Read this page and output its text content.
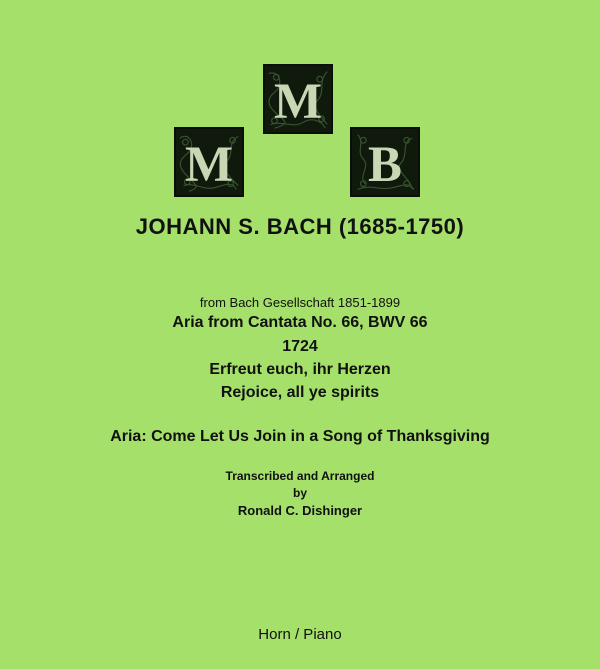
M
M
B
JOHANN S. BACH (1685-1750)
from Bach Gesellschaft 1851-1899
Aria from Cantata No. 66, BWV 66
1724
Erfreut euch, ihr Herzen
Rejoice, all ye spirits
Aria: Come Let Us Join in a Song of Thanksgiving
Transcribed and Arranged
by
Ronald C. Dishinger
Horn / Piano
